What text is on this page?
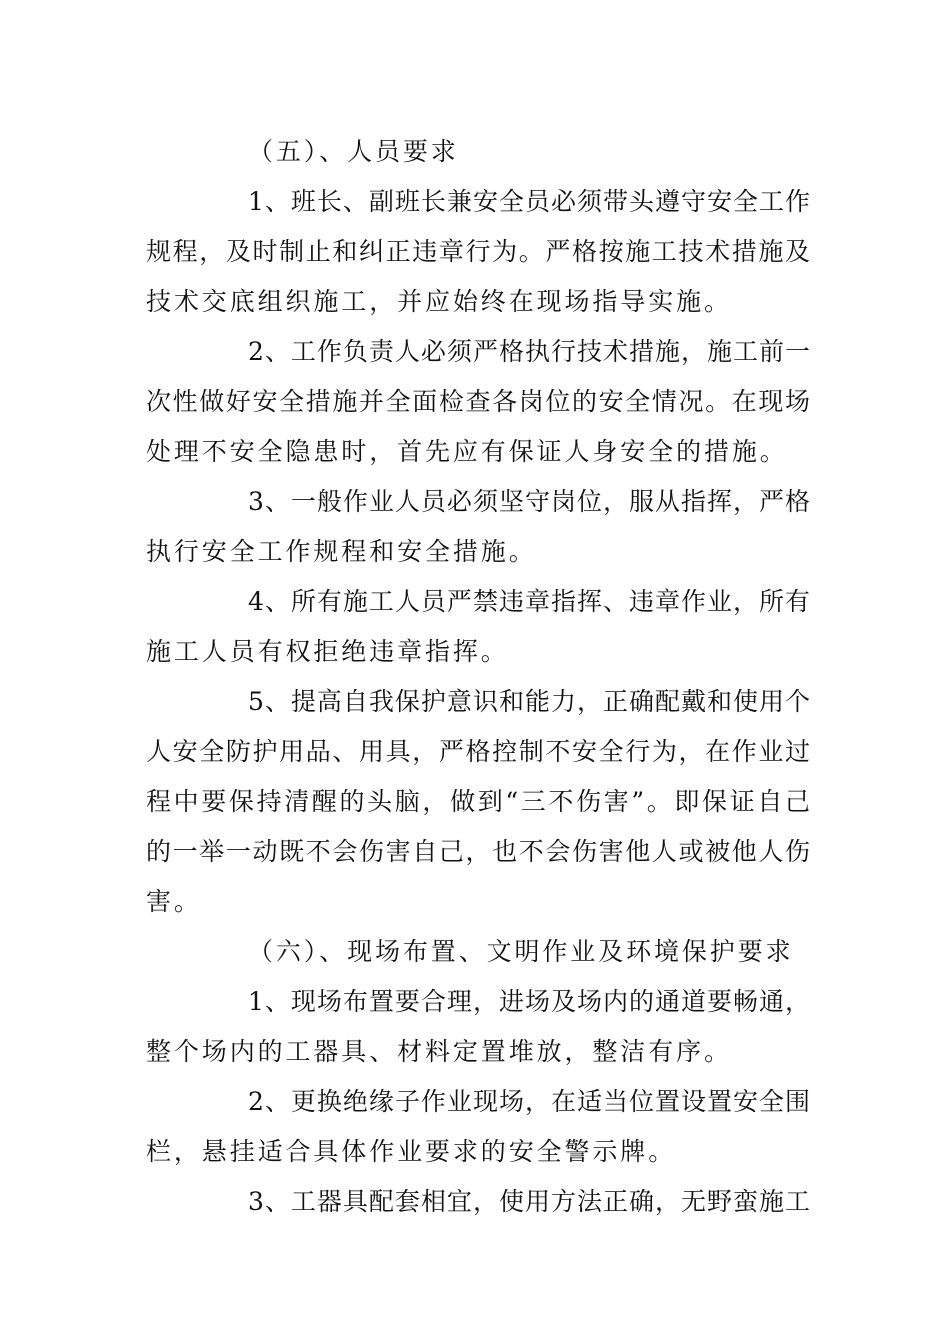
（五）、人员要求
1、班长、副班长兼安全员必须带头遵守安全工作
规程，及时制止和纠正违章行为。严格按施工技术措施及
技术交底组织施工，并应始终在现场指导实施。
2、工作负责人必须严格执行技术措施，施工前一
次性做好安全措施并全面检查各岗位的安全情况。在现场
处理不安全隐患时，首先应有保证人身安全的措施。
3、一般作业人员必须坚守岗位，服从指挥，严格
执行安全工作规程和安全措施。
4、所有施工人员严禁违章指挥、违章作业，所有
施工人员有权拒绝违章指挥。
5、提高自我保护意识和能力，正确配戴和使用个
人安全防护用品、用具，严格控制不安全行为，在作业过
程中要保持清醒的头脑，做到“三不伤害”。即保证自己
的一举一动既不会伤害自己，也不会伤害他人或被他人伤
害。
（六）、现场布置、文明作业及环境保护要求
1、现场布置要合理，进场及场内的通道要畅通，
整个场内的工器具、材料定置堆放，整洁有序。
2、更换绝缘子作业现场，在适当位置设置安全围
栏，悬挂适合具体作业要求的安全警示牌。
3、工器具配套相宜，使用方法正确，无野蛮施工
